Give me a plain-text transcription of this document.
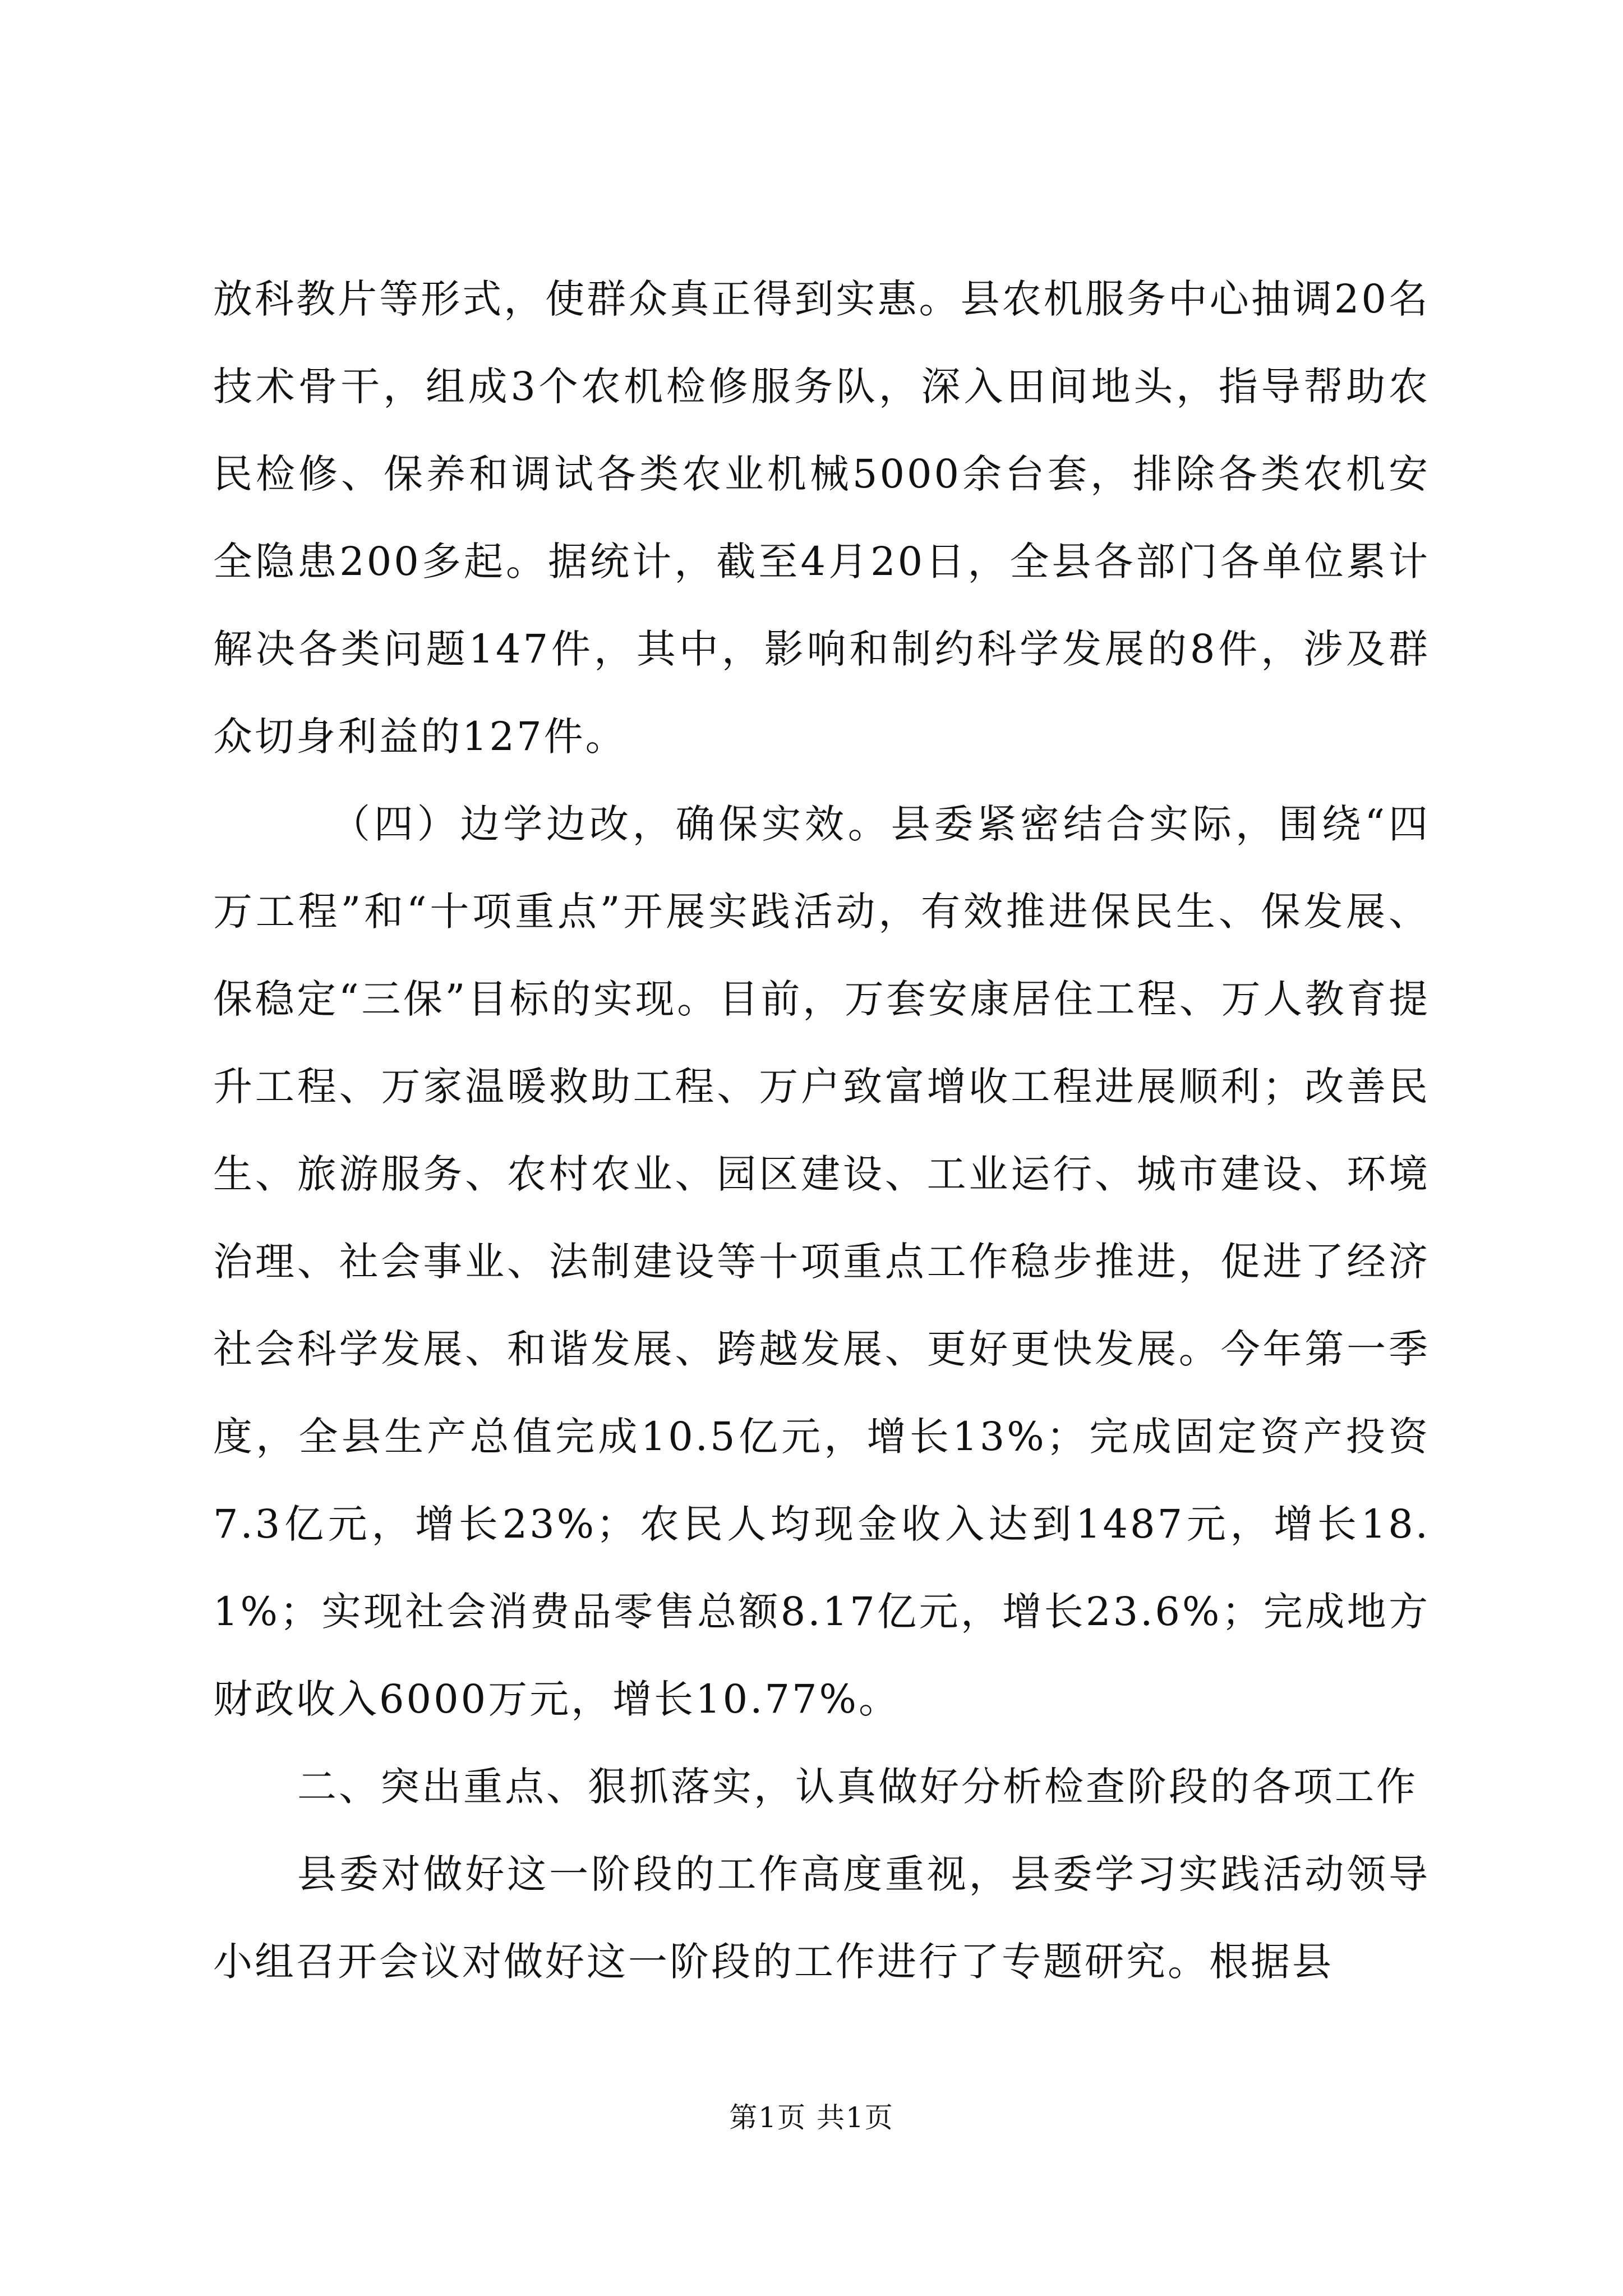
放科教片等形式，使群众真正得到实惠。县农机服务中心抽调20名技术骨干，组成3个农机检修服务队，深入田间地头，指导帮助农民检修、保养和调试各类农业机械5000余台套，排除各类农机安全隐患200多起。据统计，截至4月20日，全县各部门各单位累计解决各类问题147件，其中，影响和制约科学发展的8件，涉及群众切身利益的127件。

（四）边学边改，确保实效。县委紧密结合实际，围绕“四万工程”和“十项重点”开展实践活动，有效推进保民生、保发展、保稳定“三保”目标的实现。目前，万套安康居住工程、万人教育提升工程、万家温暖救助工程、万户致富增收工程进展顺利；改善民生、旅游服务、农村农业、园区建设、工业运行、城市建设、环境治理、社会事业、法制建设等十项重点工作稳步推进，促进了经济社会科学发展、和谐发展、跨越发展、更好更快发展。今年第一季度，全县生产总值完成10.5亿元，增长13%；完成固定资产投资7.3亿元，增长23%；农民人均现金收入达到1487元，增长18.1%；实现社会消费品零售总额8.17亿元，增长23.6%；完成地方财政收入6000万元，增长10.77%。

二、突出重点、狠抓落实，认真做好分析检查阶段的各项工作

县委对做好这一阶段的工作高度重视，县委学习实践活动领导小组召开会议对做好这一阶段的工作进行了专题研究。根据县

第1页 共1页
